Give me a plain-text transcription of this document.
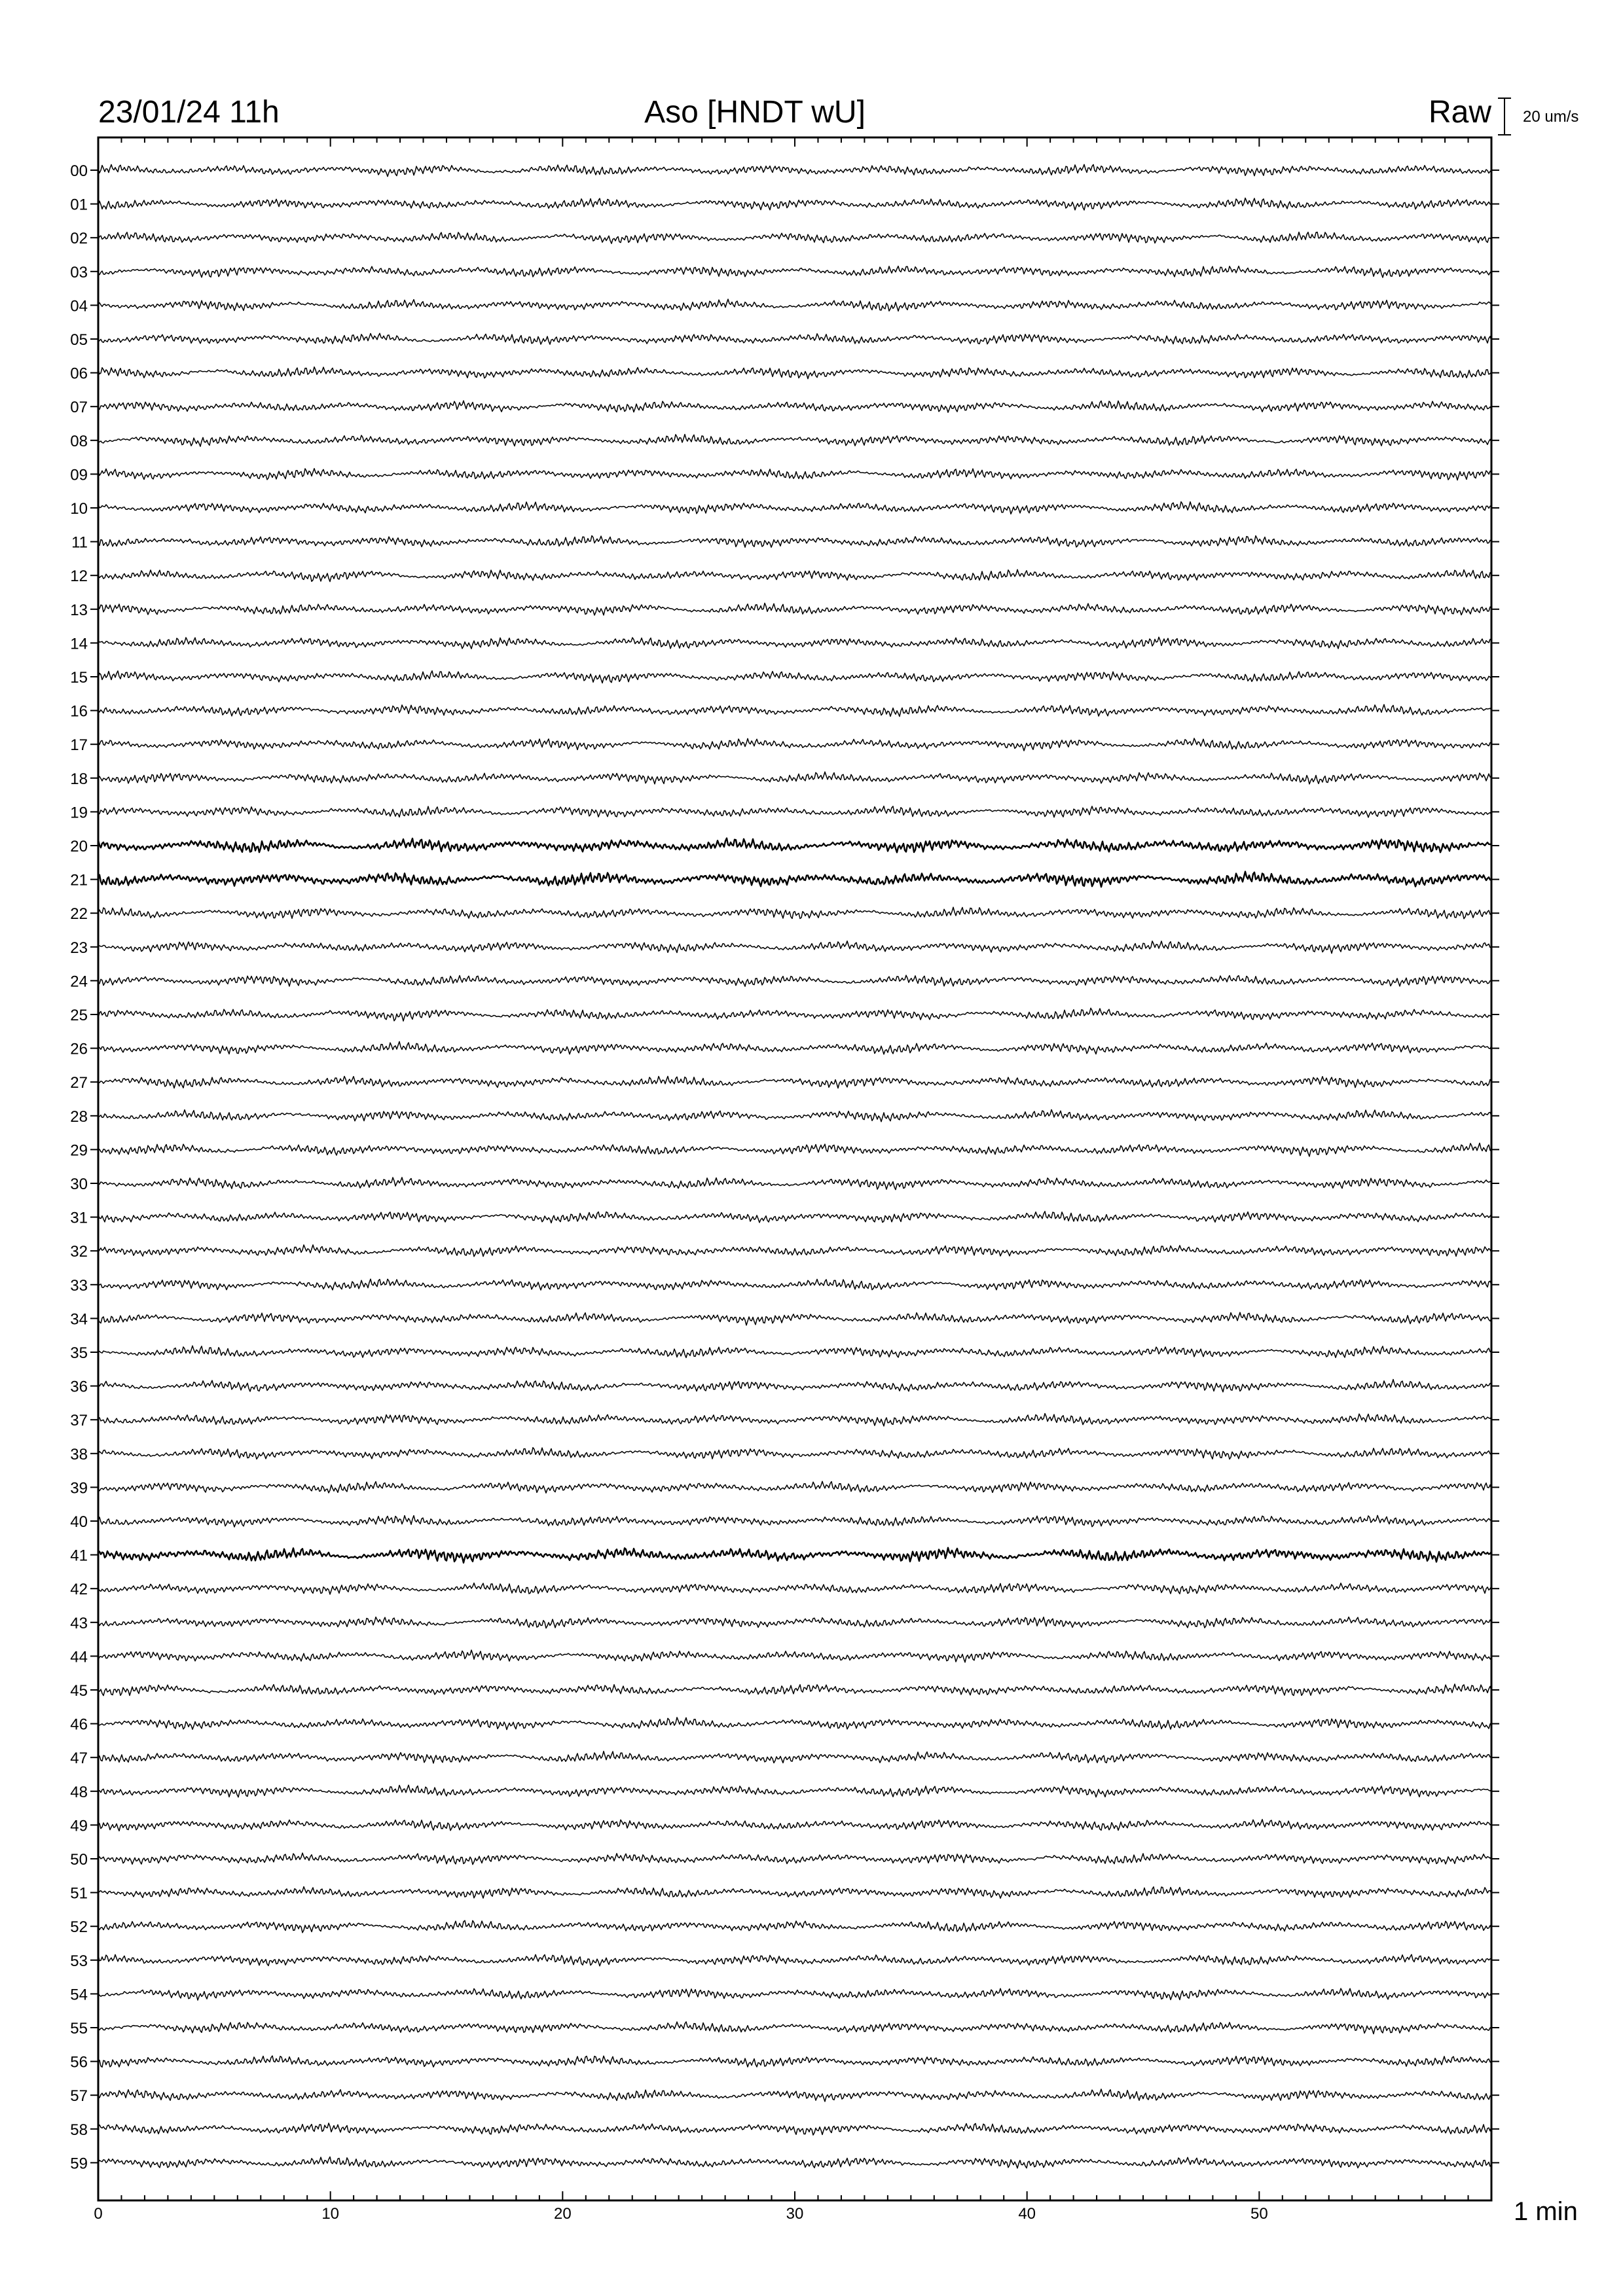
23/01/24 11h	Aso [HNDT wU]	Raw 20 um/s
00
01
02
03
04
05
06
07
08
09
10
11
12
13
14
15
16
17
18
19
20
21
22
23
24
25
26
27
28
29
30
31
32
33
34
35
36
37
38
39
40
41
42
43
44
45
46
47
48
49
50
51
52
53
54
55
56
57
58
59
0	10	20	30	40	50	1 min
